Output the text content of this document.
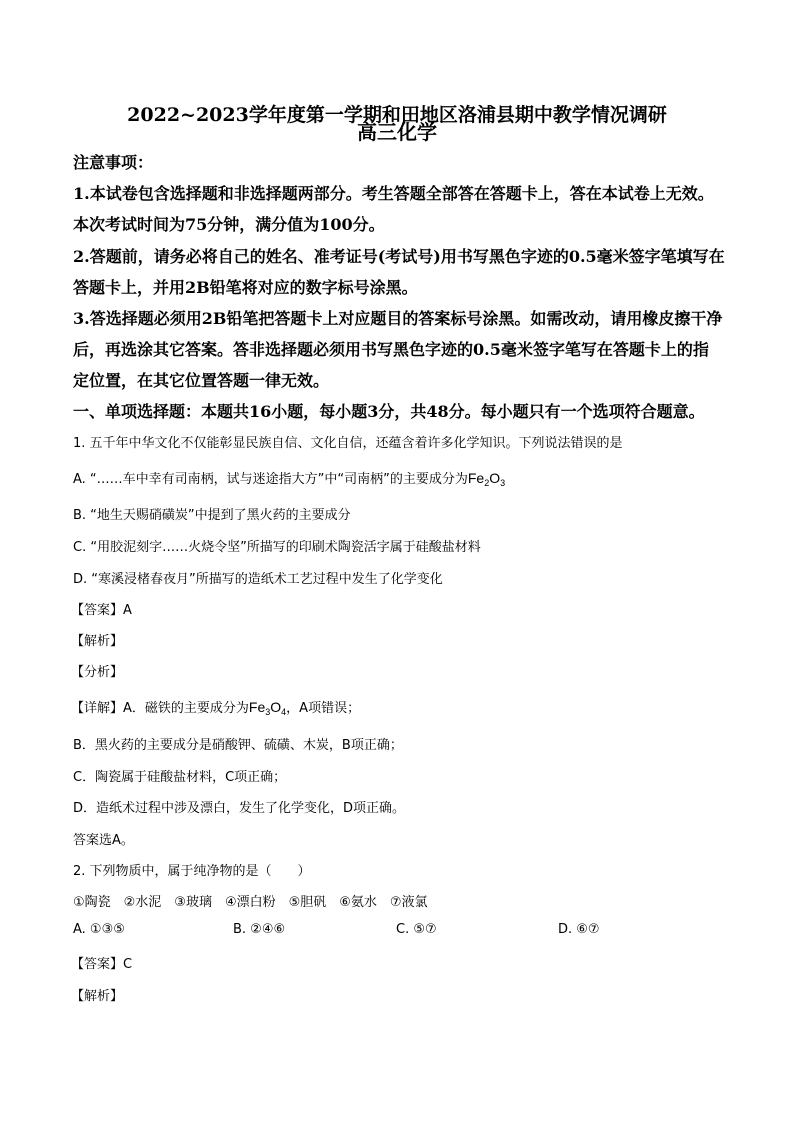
2022~2023学年度第一学期和田地区洛浦县期中教学情况调研
高三化学
注意事项：
1.本试卷包含选择题和非选择题两部分。考生答题全部答在答题卡上，答在本试卷上无效。
本次考试时间为75分钟，满分值为100分。
2.答题前，请务必将自己的姓名、准考证号(考试号)用书写黑色字迹的0.5毫米签字笔填写在
答题卡上，并用2B铅笔将对应的数字标号涂黑。
3.答选择题必须用2B铅笔把答题卡上对应题目的答案标号涂黑。如需改动，请用橡皮擦干净
后，再选涂其它答案。答非选择题必须用书写黑色字迹的0.5毫米签字笔写在答题卡上的指
定位置，在其它位置答题一律无效。
一、单项选择题：本题共16小题，每小题3分，共48分。每小题只有一个选项符合题意。
1. 五千年中华文化不仅能彰显民族自信、文化自信，还蕴含着许多化学知识。下列说法错误的是
A. “……车中幸有司南柄，试与迷途指大方”中“司南柄”的主要成分为$Fe_2O_3$
B. “地生天赐硝磺炭”中提到了黑火药的主要成分
C. “用胶泥刻字……火烧令坚”所描写的印刷术陶瓷活字属于硅酸盐材料
D. “寒溪浸楮春夜月”所描写的造纸术工艺过程中发生了化学变化
【答案】A
【解析】
【分析】
【详解】A．磁铁的主要成分为$Fe_3O_4$，A项错误；
B．黑火药的主要成分是硝酸钾、硫磺、木炭，B项正确；
C．陶瓷属于硅酸盐材料，C项正确；
D．造纸术过程中涉及漂白，发生了化学变化，D项正确。
答案选A。
2. 下列物质中，属于纯净物的是（　　）
①陶瓷　②水泥　③玻璃　④漂白粉　⑤胆矾　⑥氨水　⑦液氯
A. ①③⑤	B. ②④⑥	C. ⑤⑦	D. ⑥⑦
【答案】C
【解析】
